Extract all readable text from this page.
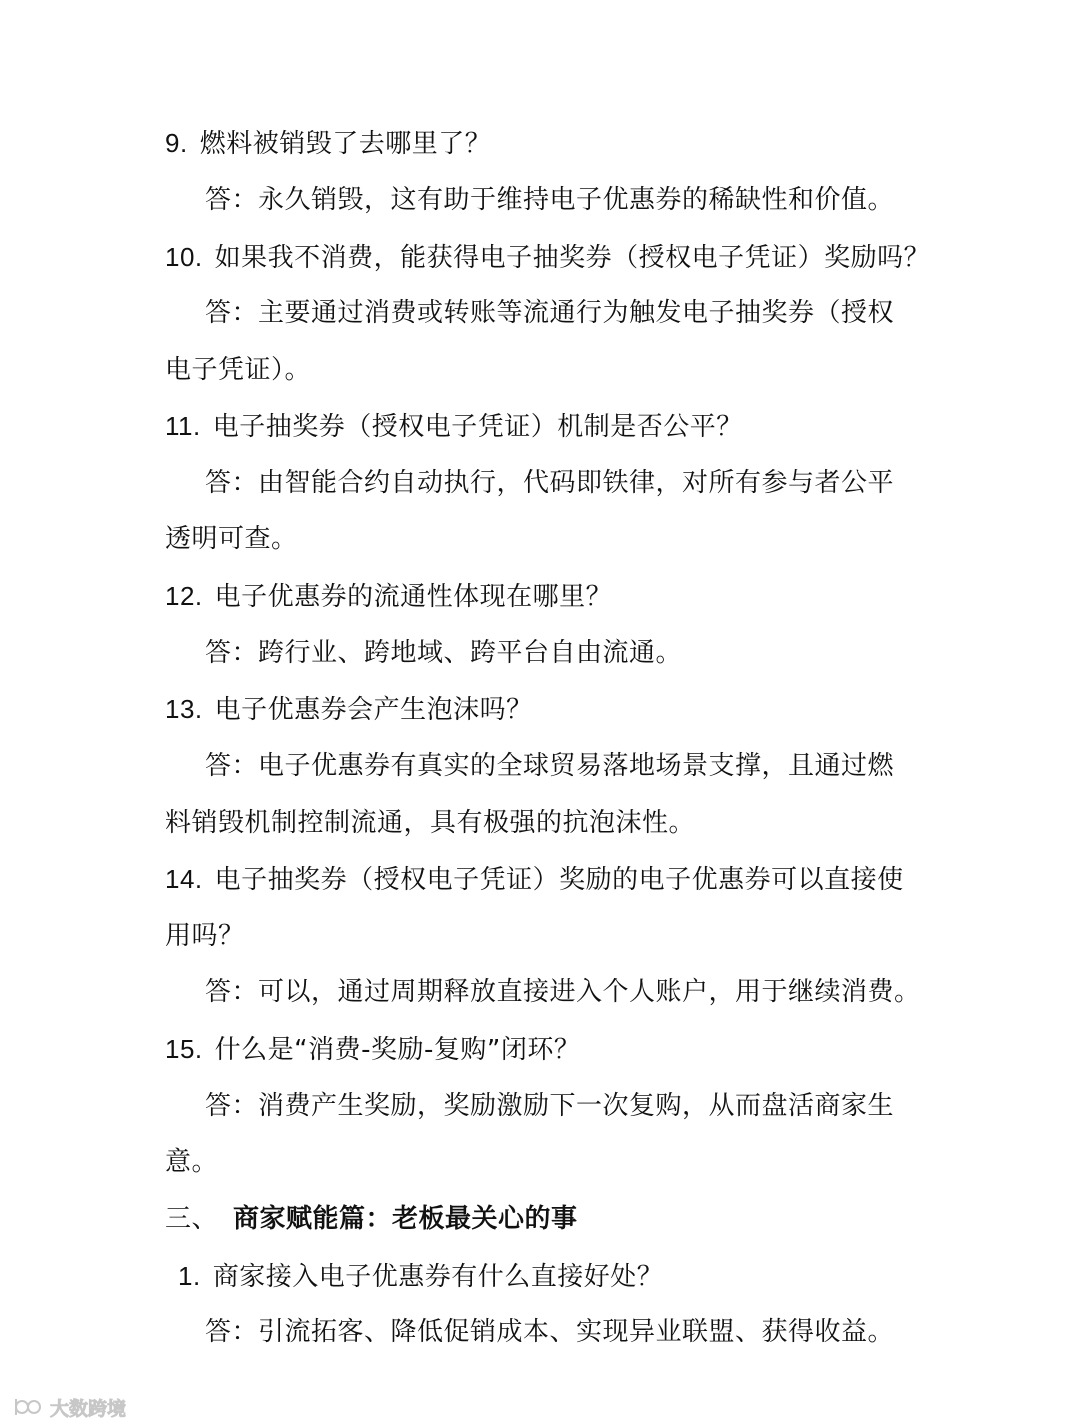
9. 燃料被销毁了去哪里了？
答：永久销毁，这有助于维持电子优惠券的稀缺性和价值。
10. 如果我不消费，能获得电子抽奖券（授权电子凭证）奖励吗？
答：主要通过消费或转账等流通行为触发电子抽奖券（授权
电子凭证）。
11. 电子抽奖券（授权电子凭证）机制是否公平？
答：由智能合约自动执行，代码即铁律，对所有参与者公平
透明可查。
12. 电子优惠券的流通性体现在哪里？
答：跨行业、跨地域、跨平台自由流通。
13. 电子优惠券会产生泡沫吗？
答：电子优惠券有真实的全球贸易落地场景支撑，且通过燃
料销毁机制控制流通，具有极强的抗泡沫性。
14. 电子抽奖券（授权电子凭证）奖励的电子优惠券可以直接使
用吗？
答：可以，通过周期释放直接进入个人账户，用于继续消费。
15. 什么是“消费-奖励-复购”闭环？
答：消费产生奖励，奖励激励下一次复购，从而盘活商家生
意。
三、 商家赋能篇：老板最关心的事
1. 商家接入电子优惠券有什么直接好处？
答：引流拓客、降低促销成本、实现异业联盟、获得收益。
大数跨境
